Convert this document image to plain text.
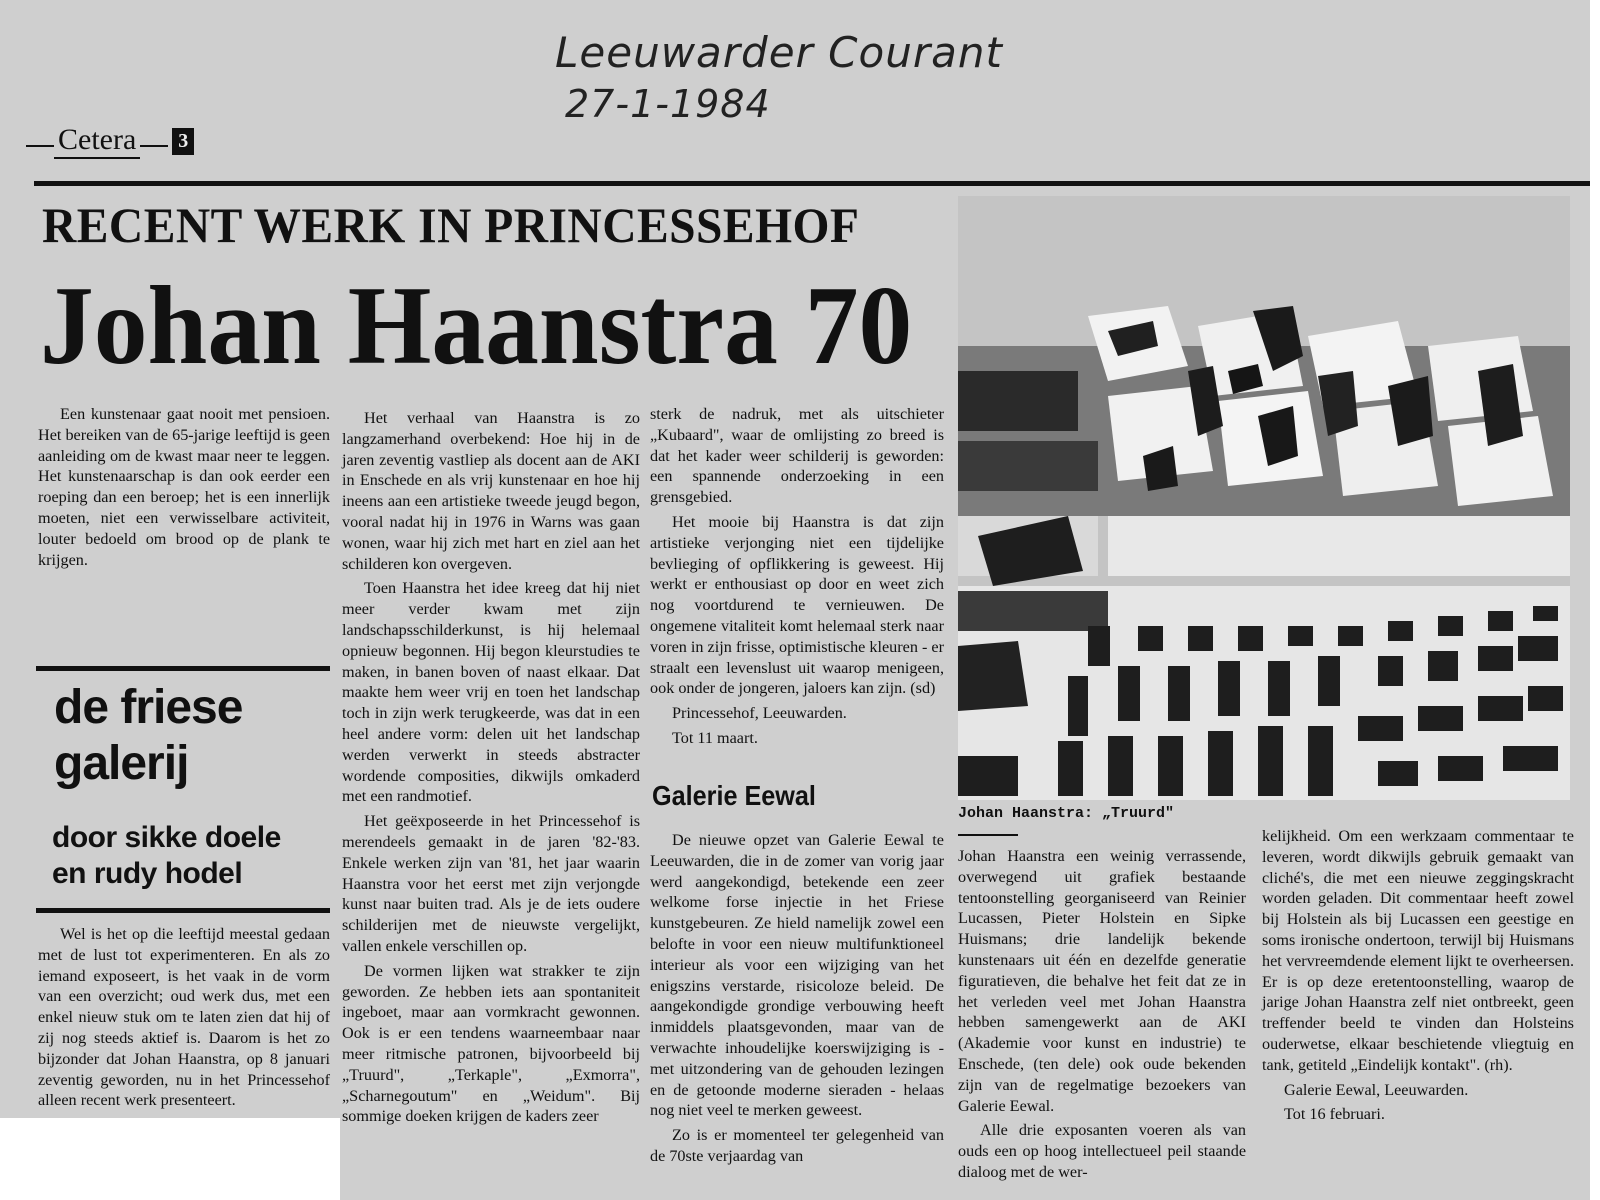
Leeuwarder Courant
27-1-1984
Cetera	3
RECENT WERK IN PRINCESSEHOF
Johan Haanstra 70

Een kunstenaar gaat nooit met pensioen. Het bereiken van de 65-jarige leeftijd is geen aanleiding om de kwast maar neer te leggen. Het kunstenaarschap is dan ook eerder een roeping dan een beroep; het is een innerlijk moeten, niet een verwisselbare activiteit, louter bedoeld om brood op de plank te krijgen.

de friese
galerij
door sikke doele
en rudy hodel

Wel is het op die leeftijd meestal gedaan met de lust tot experimenteren. En als zo iemand exposeert, is het vaak in de vorm van een overzicht; oud werk dus, met een enkel nieuw stuk om te laten zien dat hij of zij nog steeds aktief is. Daarom is het zo bijzonder dat Johan Haanstra, op 8 januari zeventig geworden, nu in het Princessehof alleen recent werk presenteert.

Het verhaal van Haanstra is zo langzamerhand overbekend: Hoe hij in de jaren zeventig vastliep als docent aan de AKI in Enschede en als vrij kunstenaar en hoe hij ineens aan een artistieke tweede jeugd begon, vooral nadat hij in 1976 in Warns was gaan wonen, waar hij zich met hart en ziel aan het schilderen kon overgeven.

Toen Haanstra het idee kreeg dat hij niet meer verder kwam met zijn landschapsschilderkunst, is hij helemaal opnieuw begonnen. Hij begon kleurstudies te maken, in banen boven of naast elkaar. Dat maakte hem weer vrij en toen het landschap toch in zijn werk terugkeerde, was dat in een heel andere vorm: delen uit het landschap werden verwerkt in steeds abstracter wordende composities, dikwijls omkaderd met een randmotief.

Het geëxposeerde in het Princessehof is merendeels gemaakt in de jaren '82-'83. Enkele werken zijn van '81, het jaar waarin Haanstra voor het eerst met zijn verjongde kunst naar buiten trad. Als je de iets oudere schilderijen met de nieuwste vergelijkt, vallen enkele verschillen op.

De vormen lijken wat strakker te zijn geworden. Ze hebben iets aan spontaniteit ingeboet, maar aan vormkracht gewonnen. Ook is er een tendens waarneembaar naar meer ritmische patronen, bijvoorbeeld bij „Truurd", „Terkaple", „Exmorra", „Scharnegoutum" en „Weidum". Bij sommige doeken krijgen de kaders zeer

sterk de nadruk, met als uitschieter „Kubaard", waar de omlijsting zo breed is dat het kader weer schilderij is geworden: een spannende onderzoeking in een grensgebied.

Het mooie bij Haanstra is dat zijn artistieke verjonging niet een tijdelijke bevlieging of opflikkering is geweest. Hij werkt er enthousiast op door en weet zich nog voortdurend te vernieuwen. De ongemene vitaliteit komt helemaal sterk naar voren in zijn frisse, optimistische kleuren - er straalt een levenslust uit waarop menigeen, ook onder de jongeren, jaloers kan zijn. (sd)

Princessehof, Leeuwarden.

Tot 11 maart.

Galerie Eewal

De nieuwe opzet van Galerie Eewal te Leeuwarden, die in de zomer van vorig jaar werd aangekondigd, betekende een zeer welkome forse injectie in het Friese kunstgebeuren. Ze hield namelijk zowel een belofte in voor een nieuw multifunktioneel interieur als voor een wijziging van het enigszins verstarde, risicoloze beleid. De aangekondigde grondige verbouwing heeft inmiddels plaatsgevonden, maar van de verwachte inhoudelijke koerswijziging is - met uitzondering van de gehouden lezingen en de getoonde moderne sieraden - helaas nog niet veel te merken geweest.

Zo is er momenteel ter gelegenheid van de 70ste verjaardag van

Johan Haanstra: „Truurd"

Johan Haanstra een weinig verrassende, overwegend uit grafiek bestaande tentoonstelling georganiseerd van Reinier Lucassen, Pieter Holstein en Sipke Huismans; drie landelijk bekende kunstenaars uit één en dezelfde generatie figuratieven, die behalve het feit dat ze in het verleden veel met Johan Haanstra hebben samengewerkt aan de AKI (Akademie voor kunst en industrie) te Enschede, (ten dele) ook oude bekenden zijn van de regelmatige bezoekers van Galerie Eewal.

Alle drie exposanten voeren als van ouds een op hoog intellectueel peil staande dialoog met de wer-

kelijkheid. Om een werkzaam commentaar te leveren, wordt dikwijls gebruik gemaakt van cliché's, die met een nieuwe zeggingskracht worden geladen. Dit commentaar heeft zowel bij Holstein als bij Lucassen een geestige en soms ironische ondertoon, terwijl bij Huismans het vervreemdende element lijkt te overheersen. Er is op deze eretentoonstelling, waarop de jarige Johan Haanstra zelf niet ontbreekt, geen treffender beeld te vinden dan Holsteins ouderwetse, elkaar beschietende vliegtuig en tank, getiteld „Eindelijk kontakt". (rh).

Galerie Eewal, Leeuwarden.

Tot 16 februari.
